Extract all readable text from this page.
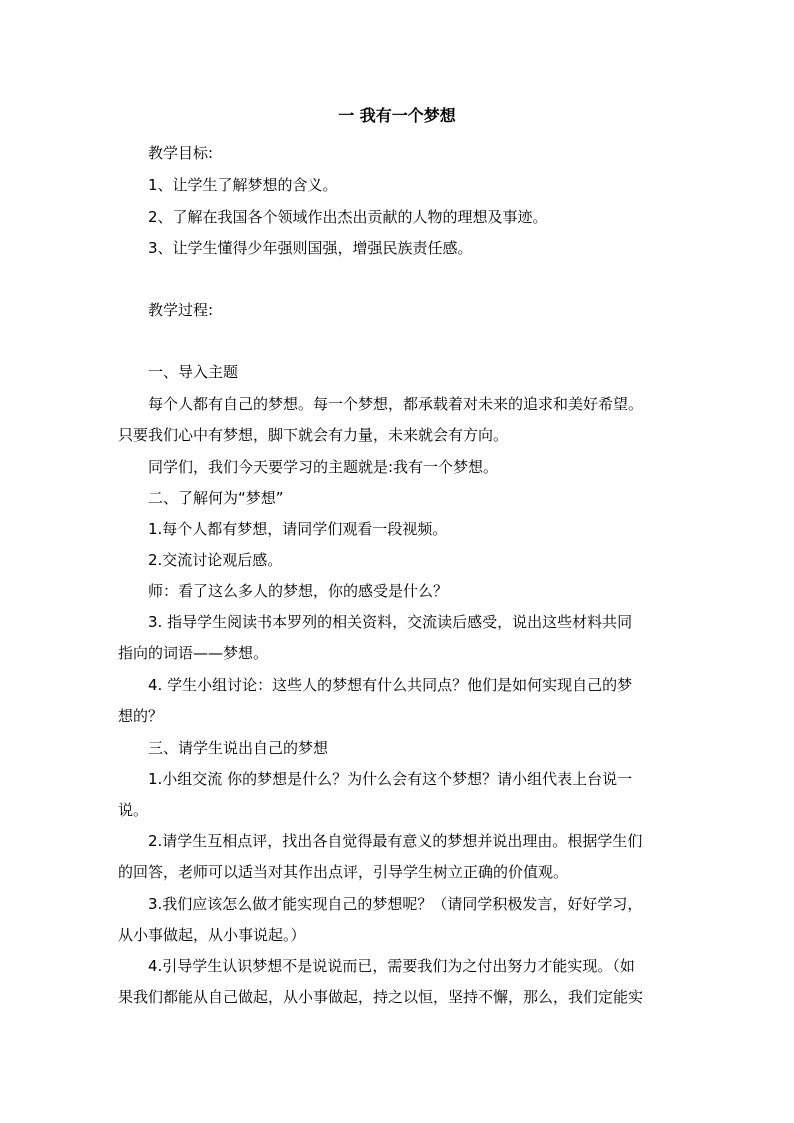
一 我有一个梦想
教学目标:
1、让学生了解梦想的含义。
2、了解在我国各个领域作出杰出贡献的人物的理想及事迹。
3、让学生懂得少年强则国强，增强民族责任感。
教学过程:
一、导入主题
每个人都有自己的梦想。每一个梦想，都承载着对未来的追求和美好希望。
只要我们心中有梦想，脚下就会有力量，未来就会有方向。
同学们，我们今天要学习的主题就是:我有一个梦想。
二、了解何为“梦想”
1.每个人都有梦想，请同学们观看一段视频。
2.交流讨论观后感。
师：看了这么多人的梦想，你的感受是什么？
3. 指导学生阅读书本罗列的相关资料，交流读后感受，说出这些材料共同
指向的词语——梦想。
4. 学生小组讨论：这些人的梦想有什么共同点？他们是如何实现自己的梦
想的？
三、请学生说出自己的梦想
1.小组交流 你的梦想是什么？为什么会有这个梦想？请小组代表上台说一
说。
2.请学生互相点评，找出各自觉得最有意义的梦想并说出理由。根据学生们
的回答，老师可以适当对其作出点评，引导学生树立正确的价值观。
3.我们应该怎么做才能实现自己的梦想呢？（请同学积极发言，好好学习，
从小事做起，从小事说起。）
4.引导学生认识梦想不是说说而已，需要我们为之付出努力才能实现。（如
果我们都能从自己做起，从小事做起，持之以恒，坚持不懈，那么，我们定能实
